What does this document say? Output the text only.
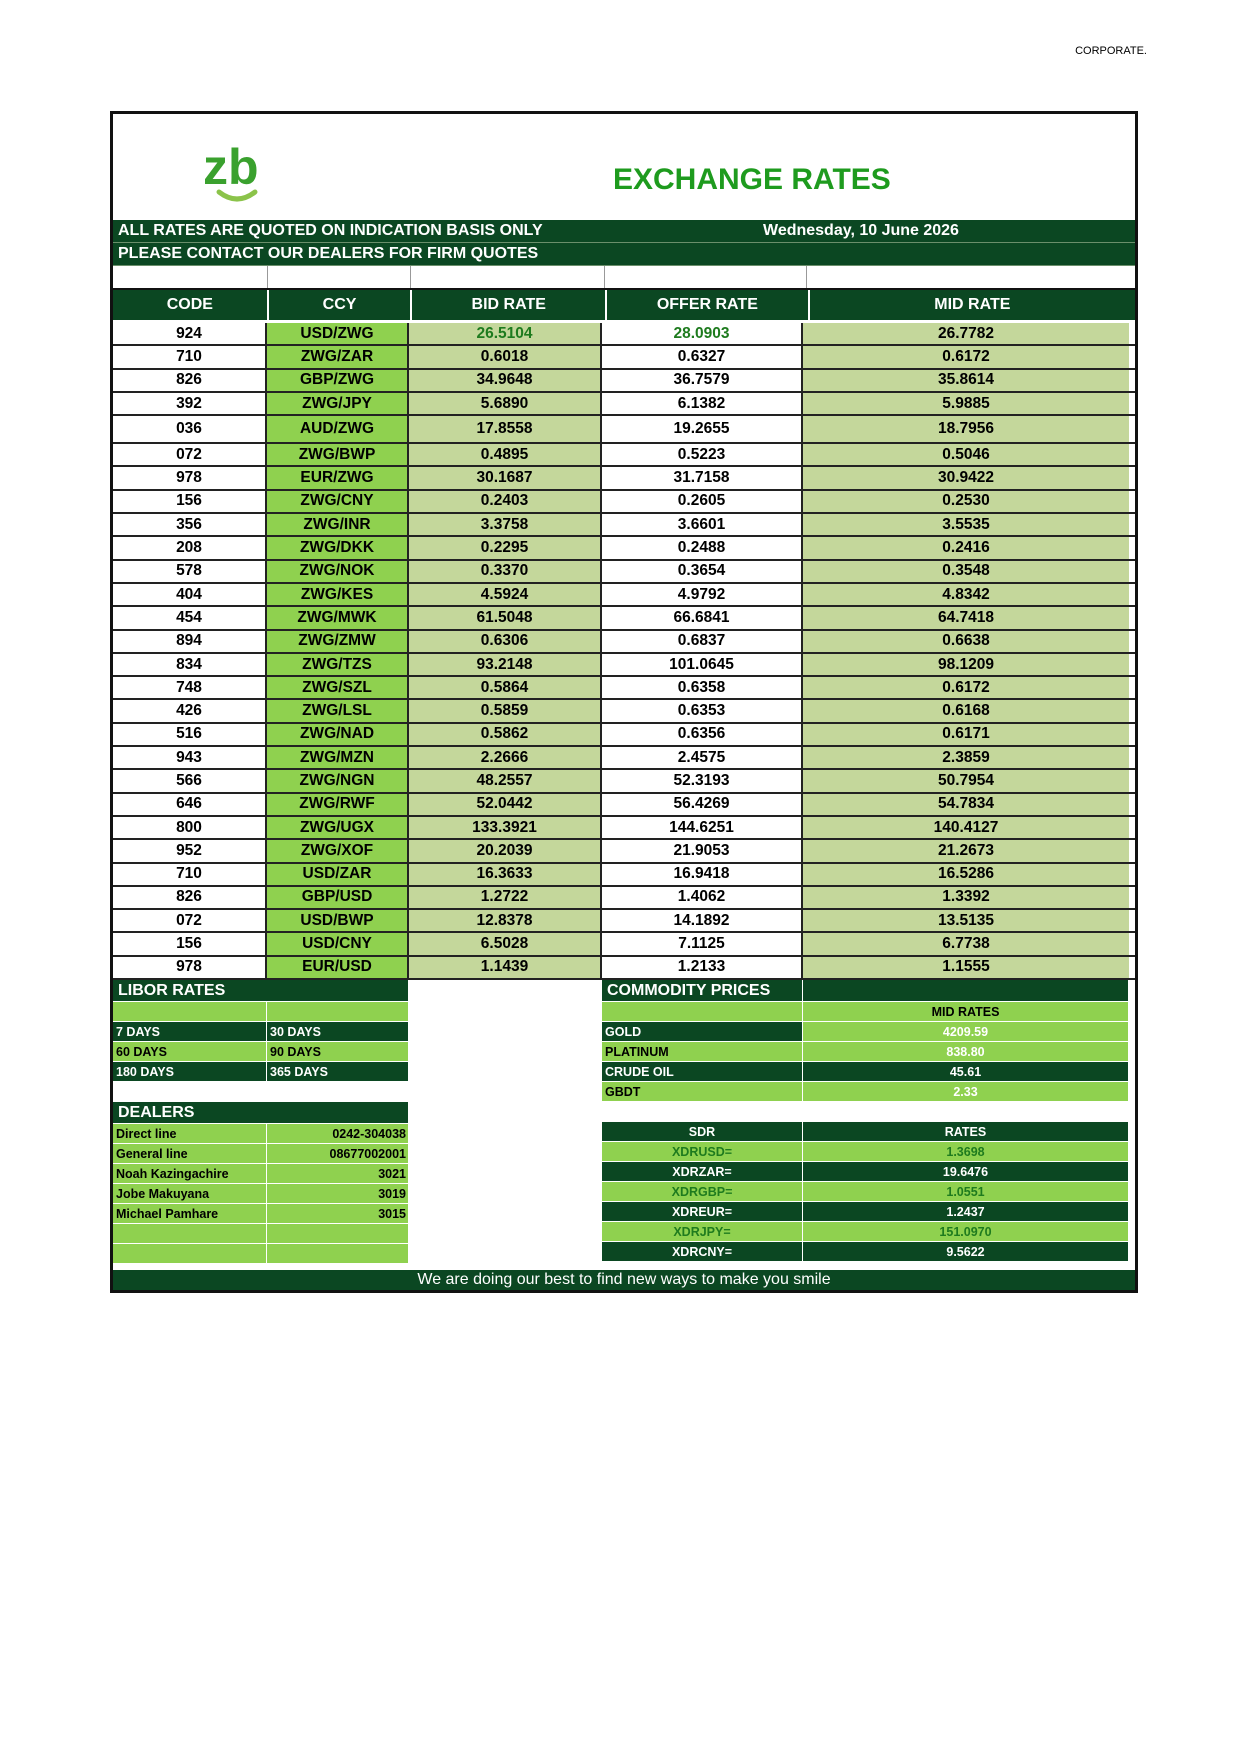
CORPORATE.
zb	EXCHANGE RATES
ALL RATES ARE QUOTED ON INDICATION BASIS ONLY	Wednesday, 10 June 2026
PLEASE CONTACT OUR DEALERS FOR FIRM QUOTES
CODE	CCY	BID RATE	OFFER RATE	MID RATE
924	USD/ZWG	26.5104	28.0903	26.7782
710	ZWG/ZAR	0.6018	0.6327	0.6172
826	GBP/ZWG	34.9648	36.7579	35.8614
392	ZWG/JPY	5.6890	6.1382	5.9885
036	AUD/ZWG	17.8558	19.2655	18.7956
072	ZWG/BWP	0.4895	0.5223	0.5046
978	EUR/ZWG	30.1687	31.7158	30.9422
156	ZWG/CNY	0.2403	0.2605	0.2530
356	ZWG/INR	3.3758	3.6601	3.5535
208	ZWG/DKK	0.2295	0.2488	0.2416
578	ZWG/NOK	0.3370	0.3654	0.3548
404	ZWG/KES	4.5924	4.9792	4.8342
454	ZWG/MWK	61.5048	66.6841	64.7418
894	ZWG/ZMW	0.6306	0.6837	0.6638
834	ZWG/TZS	93.2148	101.0645	98.1209
748	ZWG/SZL	0.5864	0.6358	0.6172
426	ZWG/LSL	0.5859	0.6353	0.6168
516	ZWG/NAD	0.5862	0.6356	0.6171
943	ZWG/MZN	2.2666	2.4575	2.3859
566	ZWG/NGN	48.2557	52.3193	50.7954
646	ZWG/RWF	52.0442	56.4269	54.7834
800	ZWG/UGX	133.3921	144.6251	140.4127
952	ZWG/XOF	20.2039	21.9053	21.2673
710	USD/ZAR	16.3633	16.9418	16.5286
826	GBP/USD	1.2722	1.4062	1.3392
072	USD/BWP	12.8378	14.1892	13.5135
156	USD/CNY	6.5028	7.1125	6.7738
978	EUR/USD	1.1439	1.2133	1.1555
LIBOR RATES
7 DAYS	30 DAYS
60 DAYS	90 DAYS
180 DAYS	365 DAYS
DEALERS
Direct line	0242-304038
General line	08677002001
Noah Kazingachire	3021
Jobe Makuyana	3019
Michael Pamhare	3015
COMMODITY PRICES
MID RATES
GOLD	4209.59
PLATINUM	838.80
CRUDE OIL	45.61
GBDT	2.33
SDR	RATES
XDRUSD=	1.3698
XDRZAR=	19.6476
XDRGBP=	1.0551
XDREUR=	1.2437
XDRJPY=	151.0970
XDRCNY=	9.5622
We are doing our best to find new ways to make you smile
